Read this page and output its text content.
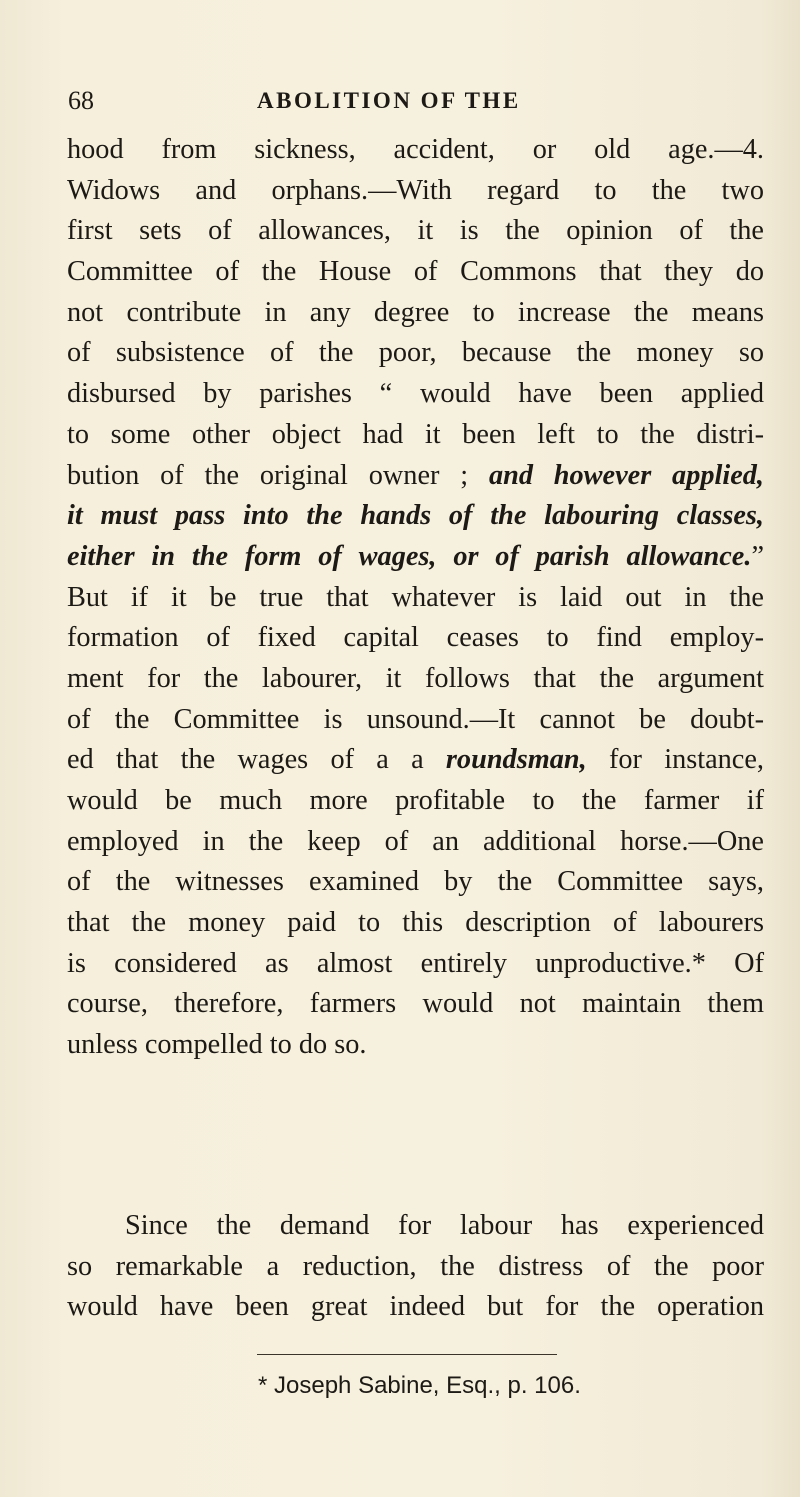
68	ABOLITION OF THE
hood from sickness, accident, or old age.—4.
Widows and orphans.—With regard to the two
first sets of allowances, it is the opinion of the
Committee of the House of Commons that they do
not contribute in any degree to increase the means
of subsistence of the poor, because the money so
disbursed by parishes “ would have been applied
to some other object had it been left to the distri-
bution of the original owner ; and however applied,
it must pass into the hands of the labouring classes,
either in the form of wages, or of parish allowance.”
But if it be true that whatever is laid out in the
formation of fixed capital ceases to find employ-
ment for the labourer, it follows that the argument
of the Committee is unsound.—It cannot be doubt-
ed that the wages of a a roundsman, for instance,
would be much more profitable to the farmer if
employed in the keep of an additional horse.—One
of the witnesses examined by the Committee says,
that the money paid to this description of labourers
is considered as almost entirely unproductive.* Of
course, therefore, farmers would not maintain them
unless compelled to do so.
Since the demand for labour has experienced
so remarkable a reduction, the distress of the poor
would have been great indeed but for the operation
* Joseph Sabine, Esq., p. 106.
